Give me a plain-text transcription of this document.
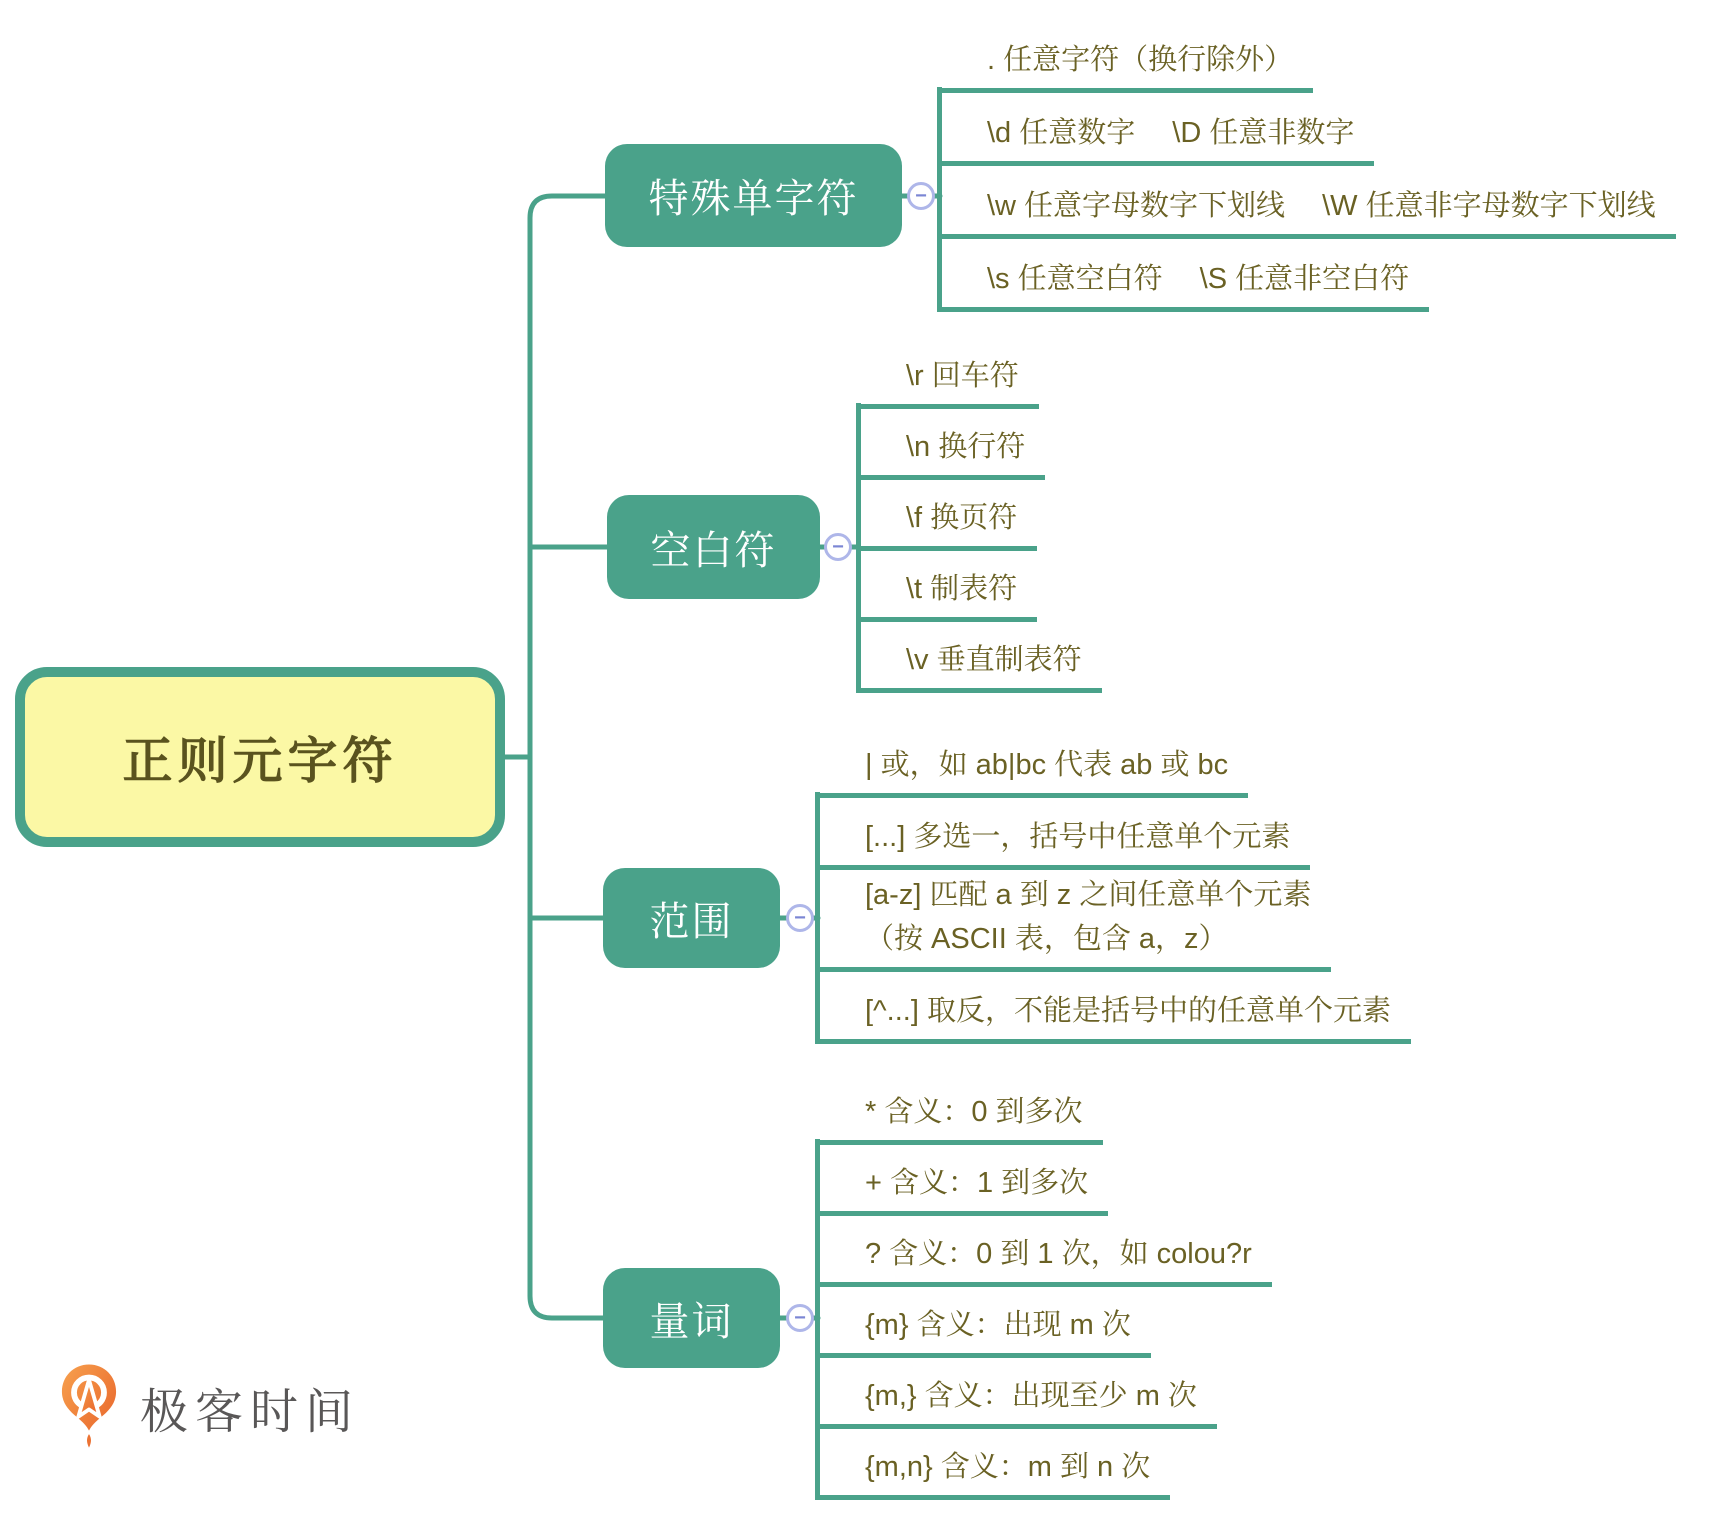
正则元字符
特殊单字符
空白符
范围
量词
−
−
−
−
. 任意字符（换行除外）
\d 任意数字　 \D 任意非数字
\w 任意字母数字下划线　 \W 任意非字母数字下划线
\s 任意空白符　 \S 任意非空白符
\r 回车符
\n 换行符
\f 换页符
\t 制表符
\v 垂直制表符
| 或，如 ab|bc 代表 ab 或 bc
[...] 多选一，括号中任意单个元素
[a-z] 匹配 a 到 z 之间任意单个元素
（按 ASCII 表，包含 a，z）
[^...] 取反，不能是括号中的任意单个元素
* 含义：0 到多次
+ 含义：1 到多次
? 含义：0 到 1 次，如 colou?r
{m} 含义：出现 m 次
{m,} 含义：出现至少 m 次
{m,n} 含义：m 到 n 次
极客时间
